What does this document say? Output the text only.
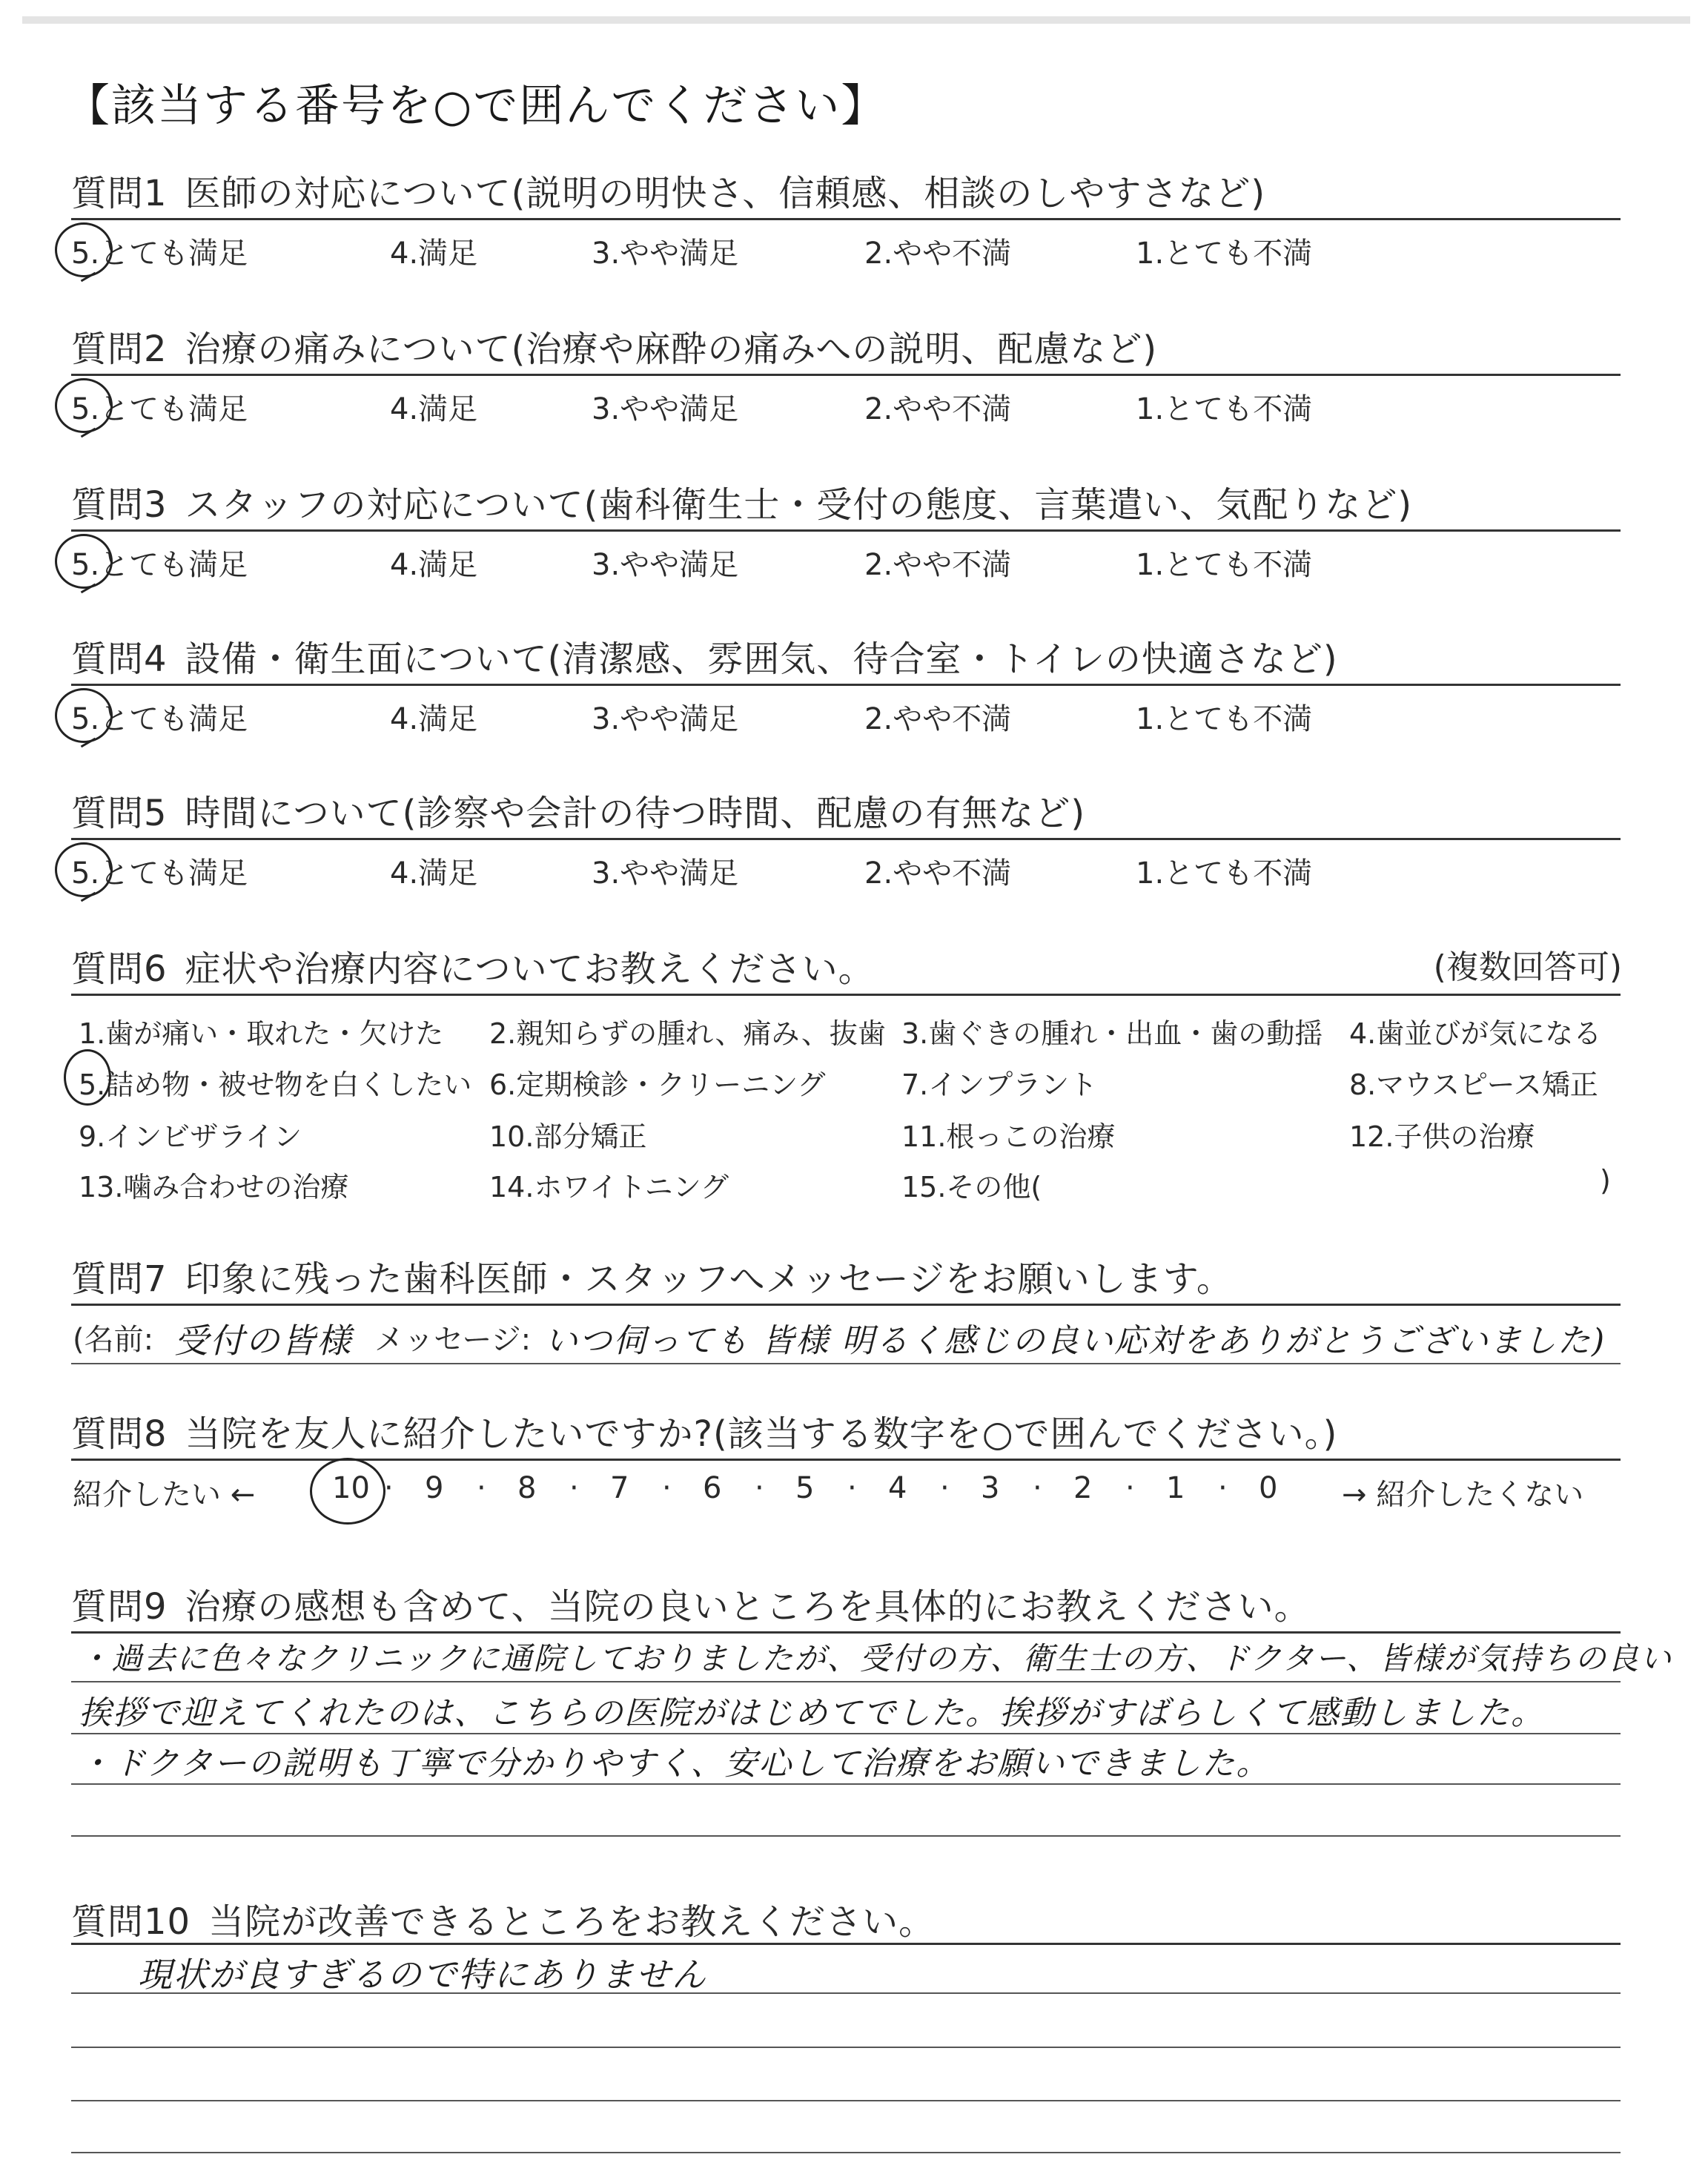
【該当する番号を○で囲んでください】
質問1 医師の対応について(説明の明快さ、信頼感、相談のしやすさなど)
5.とても満足	4.満足	3.やや満足	2.やや不満	1.とても不満
質問2 治療の痛みについて(治療や麻酔の痛みへの説明、配慮など)
5.とても満足	4.満足	3.やや満足	2.やや不満	1.とても不満
質問3 スタッフの対応について(歯科衛生士・受付の態度、言葉遣い、気配りなど)
5.とても満足	4.満足	3.やや満足	2.やや不満	1.とても不満
質問4 設備・衛生面について(清潔感、雰囲気、待合室・トイレの快適さなど)
5.とても満足	4.満足	3.やや満足	2.やや不満	1.とても不満
質問5 時間について(診察や会計の待つ時間、配慮の有無など)
5.とても満足	4.満足	3.やや満足	2.やや不満	1.とても不満
質問6 症状や治療内容についてお教えください。	(複数回答可)
1.歯が痛い・取れた・欠けた 2.親知らずの腫れ、痛み、抜歯 3.歯ぐきの腫れ・出血・歯の動揺 4.歯並びが気になる
5.詰め物・被せ物を白くしたい 6.定期検診・クリーニング	7.インプラント	8.マウスピース矯正
9.インビザライン	10.部分矯正	11.根っこの治療	12.子供の治療
13.噛み合わせの治療	14.ホワイトニング	15.その他(	)
質問7 印象に残った歯科医師・スタッフへメッセージをお願いします。
(名前: 受付の皆様 メッセージ: いつ伺っても 皆様 明るく感じの良い応対をありがとうございました)
質問8 当院を友人に紹介したいですか?(該当する数字を○で囲んでください。)
紹介したい ←	10 · 9 · 8 · 7 · 6 · 5 · 4 · 3 · 2 · 1 · 0 → 紹介したくない
質問9 治療の感想も含めて、当院の良いところを具体的にお教えください。
・過去に色々なクリニックに通院しておりましたが、受付の方、衛生士の方、ドクター、皆様が気持ちの良い
挨拶で迎えてくれたのは、こちらの医院がはじめてでした。挨拶がすばらしくて感動しました。
・ドクターの説明も丁寧で分かりやすく、安心して治療をお願いできました。
質問10 当院が改善できるところをお教えください。
現状が良すぎるので特にありません
